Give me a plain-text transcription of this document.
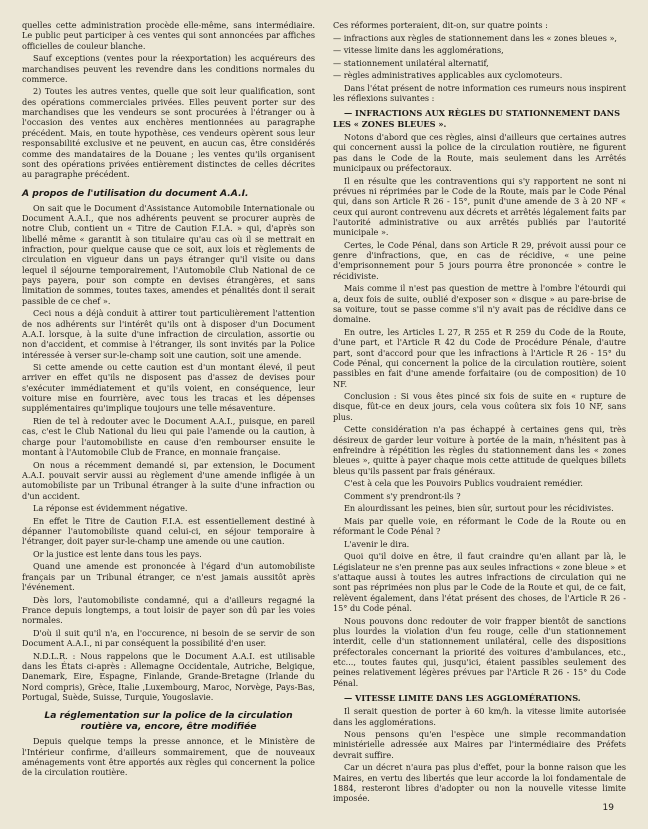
quelles cette administration procède elle-même, sans intermédiaire. Le public peut participer à ces ventes qui sont annoncées par affiches officielles de couleur blanche.

Sauf exceptions (ventes pour la réexportation) les acquéreurs des marchandises peuvent les revendre dans les conditions normales du commerce.

2) Toutes les autres ventes, quelle que soit leur qualification, sont des opérations commerciales privées. Elles peuvent porter sur des marchandises que les vendeurs se sont procurées à l'étranger ou à l'occasion des ventes aux enchères mentionnées au paragraphe précédent. Mais, en toute hypothèse, ces vendeurs opèrent sous leur responsabilité exclusive et ne peuvent, en aucun cas, être considérés comme des mandataires de la Douane ; les ventes qu'ils organisent sont des opérations privées entièrement distinctes de celles décrites au paragraphe précédent.

A propos de l'utilisation du document A.A.I.

On sait que le Document d'Assistance Automobile Internationale ou Document A.A.I., que nos adhérents peuvent se procurer auprès de notre Club, contient un « Titre de Caution F.I.A. » qui, d'après son libellé même « garantit à son titulaire qu'au cas où il se mettrait en infraction, pour quelque cause que ce soit, aux lois et règlements de circulation en vigueur dans un pays étranger qu'il visite ou dans lequel il séjourne temporairement, l'Automobile Club National de ce pays payera, pour son compte en devises étrangères, et sans limitation de sommes, toutes taxes, amendes et pénalités dont il serait passible de ce chef ».

Ceci nous a déjà conduit à attirer tout particulièrement l'attention de nos adhérents sur l'intérêt qu'ils ont à disposer d'un Document A.A.I. lorsque, à la suite d'une infraction de circulation, assortie ou non d'accident, et commise à l'étranger, ils sont invités par la Police intéressée à verser sur-le-champ soit une caution, soit une amende.

Si cette amende ou cette caution est d'un montant élevé, il peut arriver en effet qu'ils ne disposent pas d'assez de devises pour s'exécuter immédiatement et qu'ils voient, en conséquence, leur voiture mise en fourrière, avec tous les tracas et les dépenses supplémentaires qu'implique toujours une telle mésaventure.

Rien de tel à redouter avec le Document A.A.I., puisque, en pareil cas, c'est le Club National du lieu qui paie l'amende ou la caution, à charge pour l'automobiliste en cause d'en rembourser ensuite le montant à l'Automobile Club de France, en monnaie française.

On nous a récemment demandé si, par extension, le Document A.A.I. pouvait servir aussi au règlement d'une amende infligée à un automobiliste par un Tribunal étranger à la suite d'une infraction ou d'un accident.

La réponse est évidemment négative.

En effet le Titre de Caution F.I.A. est essentiellement destiné à dépanner l'automobiliste quand celui-ci, en séjour temporaire à l'étranger, doit payer sur-le-champ une amende ou une caution.

Or la justice est lente dans tous les pays.

Quand une amende est prononcée à l'égard d'un automobiliste français par un Tribunal étranger, ce n'est jamais aussitôt après l'événement.

Dès lors, l'automobiliste condamné, qui a d'ailleurs regagné la France depuis longtemps, a tout loisir de payer son dû par les voies normales.

D'où il suit qu'il n'a, en l'occurence, ni besoin de se servir de son Document A.A.I., ni par conséquent la possibilité d'en user.

N.D.L.R. : Nous rappelons que le Document A.A.I. est utilisable dans les États ci-après : Allemagne Occidentale, Autriche, Belgique, Danemark, Eire, Espagne, Finlande, Grande-Bretagne (Irlande du Nord compris), Grèce, Italie ,Luxembourg, Maroc, Norvège, Pays-Bas, Portugal, Suède, Suisse, Turquie, Yougoslavie.

La réglementation sur la police de la circulation routière va, encore, être modifiée

Depuis quelque temps la presse annonce, et le Ministère de l'Intérieur confirme, d'ailleurs sommairement, que de nouveaux aménagements vont être apportés aux règles qui concernent la police de la circulation routière.

Ces réformes porteraient, dit-on, sur quatre points :

— infractions aux règles de stationnement dans les « zones bleues »,

— vitesse limite dans les agglomérations,

— stationnement unilatéral alternatif,

— règles administratives applicables aux cyclomoteurs.

Dans l'état présent de notre information ces rumeurs nous inspirent les réflexions suivantes :

— INFRACTIONS AUX RÈGLES DU STATIONNEMENT DANS LES « ZONES BLEUES ».

Notons d'abord que ces règles, ainsi d'ailleurs que certaines autres qui concernent aussi la police de la circulation routière, ne figurent pas dans le Code de la Route, mais seulement dans les Arrêtés municipaux ou préfectoraux.

Il en résulte que les contraventions qui s'y rapportent ne sont ni prévues ni réprimées par le Code de la Route, mais par le Code Pénal qui, dans son Article R 26 - 15°, punit d'une amende de 3 à 20 NF « ceux qui auront contrevenu aux décrets et arrêtés légalement faits par l'autorité administrative ou aux arrêtés publiés par l'autorité municipale ».

Certes, le Code Pénal, dans son Article R 29, prévoit aussi pour ce genre d'infractions, que, en cas de récidive, « une peine d'emprisonnement pour 5 jours pourra être prononcée » contre le récidiviste.

Mais comme il n'est pas question de mettre à l'ombre l'étourdi qui a, deux fois de suite, oublié d'exposer son « disque » au pare-brise de sa voiture, tout se passe comme s'il n'y avait pas de récidive dans ce domaine.

En outre, les Articles L 27, R 255 et R 259 du Code de la Route, d'une part, et l'Article R 42 du Code de Procédure Pénale, d'autre part, sont d'accord pour que les infractions à l'Article R 26 - 15° du Code Pénal, qui concernent la police de la circulation routière, soient passibles en fait d'une amende forfaitaire (ou de composition) de 10 NF.

Conclusion : Si vous êtes pincé six fois de suite en « rupture de disque, fût-ce en deux jours, cela vous coûtera six fois 10 NF, sans plus.

Cette considération n'a pas échappé à certaines gens qui, très désireux de garder leur voiture à portée de la main, n'hésitent pas à enfreindre à répétition les règles du stationnement dans les « zones bleues », quitte à payer chaque mois cette attitude de quelques billets bleus qu'ils passent par frais généraux.

C'est à cela que les Pouvoirs Publics voudraient remédier.

Comment s'y prendront-ils ?

En alourdissant les peines, bien sûr, surtout pour les récidivistes.

Mais par quelle voie, en réformant le Code de la Route ou en réformant le Code Pénal ?

L'avenir le dira.

Quoi qu'il doive en être, il faut craindre qu'en allant par là, le Législateur ne s'en prenne pas aux seules infractions « zone bleue » et s'attaque aussi à toutes les autres infractions de circulation qui ne sont pas réprimées non plus par le Code de la Route et qui, de ce fait, relèvent également, dans l'état présent des choses, de l'Article R 26 - 15° du Code pénal.

Nous pouvons donc redouter de voir frapper bientôt de sanctions plus lourdes la violation d'un feu rouge, celle d'un stationnement interdit, celle d'un stationnement unilatéral, celle des dispositions préfectorales concernant la priorité des voitures d'ambulances, etc., etc..., toutes fautes qui, jusqu'ici, étaient passibles seulement des peines relativement légères prévues par l'Article R 26 - 15° du Code Pénal.

— VITESSE LIMITE DANS LES AGGLOMÉRATIONS.

Il serait question de porter à 60 km/h. la vitesse limite autorisée dans les agglomérations.

Nous pensons qu'en l'espèce une simple recommandation ministérielle adressée aux Maires par l'intermédiaire des Préfets devrait suffire.

Car un décret n'aura pas plus d'effet, pour la bonne raison que les Maires, en vertu des libertés que leur accorde la loi fondamentale de 1884, resteront libres d'adopter ou non la nouvelle vitesse limite imposée.

19
